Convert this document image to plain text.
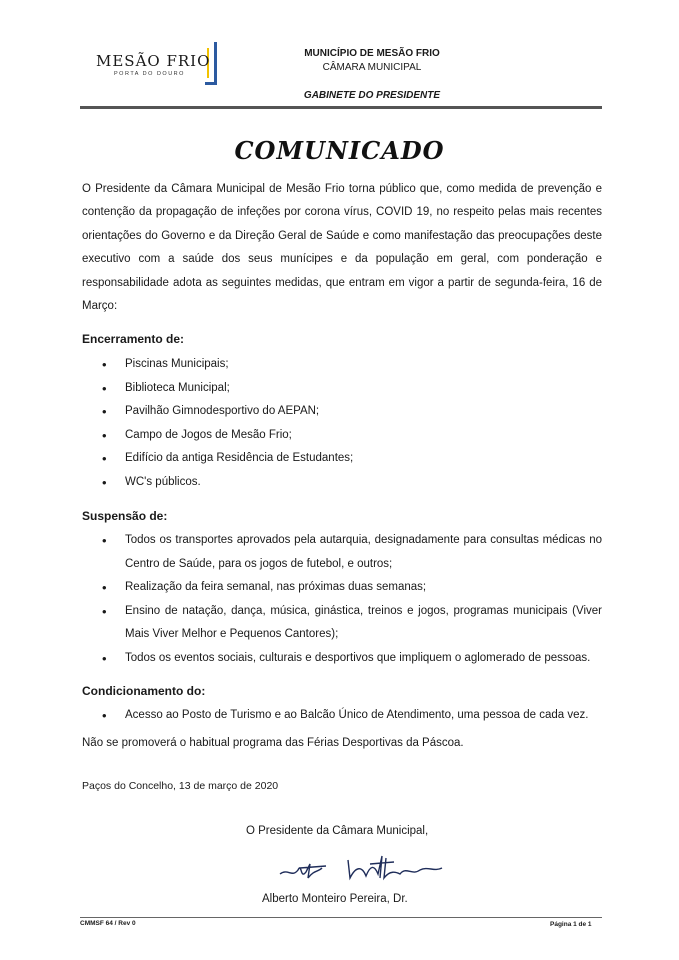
MESÃO FRIO
PORTA DO DOURO
MUNICÍPIO DE MESÃO FRIO
CÂMARA MUNICIPAL
GABINETE DO PRESIDENTE
COMUNICADO
O Presidente da Câmara Municipal de Mesão Frio torna público que, como medida de prevenção e contenção da propagação de infeções por corona vírus, COVID 19, no respeito pelas mais recentes orientações do Governo e da Direção Geral de Saúde e como manifestação das preocupações deste executivo com a saúde dos seus munícipes e da população em geral, com ponderação e responsabilidade adota as seguintes medidas, que entram em vigor a partir de segunda-feira, 16 de Março:
Encerramento de:
• Piscinas Municipais;
• Biblioteca Municipal;
• Pavilhão Gimnodesportivo do AEPAN;
• Campo de Jogos de Mesão Frio;
• Edifício da antiga Residência de Estudantes;
• WC's públicos.
Suspensão de:
• Todos os transportes aprovados pela autarquia, designadamente para consultas médicas no Centro de Saúde, para os jogos de futebol, e outros;
• Realização da feira semanal, nas próximas duas semanas;
• Ensino de natação, dança, música, ginástica, treinos e jogos, programas municipais (Viver Mais Viver Melhor e Pequenos Cantores);
• Todos os eventos sociais, culturais e desportivos que impliquem o aglomerado de pessoas.
Condicionamento do:
• Acesso ao Posto de Turismo e ao Balcão Único de Atendimento, uma pessoa de cada vez.
Não se promoverá o habitual programa das Férias Desportivas da Páscoa.
Paços do Concelho, 13 de março de 2020
O Presidente da Câmara Municipal,
Alberto Monteiro Pereira, Dr.
CMMSF 64 / Rev 0	Página 1 de 1
